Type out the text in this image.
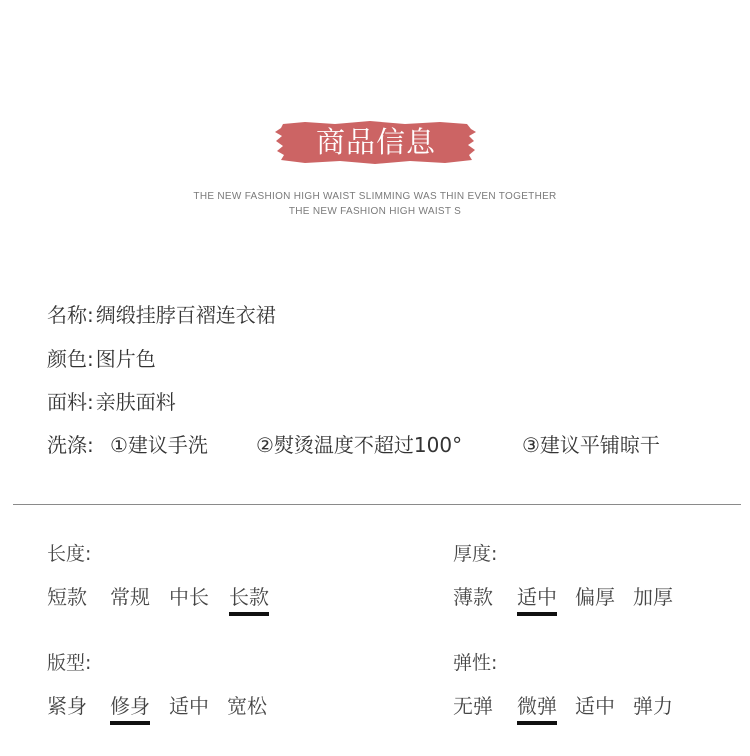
商品信息
THE NEW FASHION HIGH WAIST SLIMMING WAS THIN EVEN TOGETHER
THE NEW FASHION HIGH WAIST S
名称: 绸缎挂脖百褶连衣裙
颜色: 图片色
面料: 亲肤面料
洗涤: ①建议手洗 ②熨烫温度不超过100°	③建议平铺晾干
长度:
短款 常规 中长 长款
厚度:
薄款 适中 偏厚 加厚
版型:
紧身 修身 适中 宽松
弹性:
无弹 微弹 适中 弹力
